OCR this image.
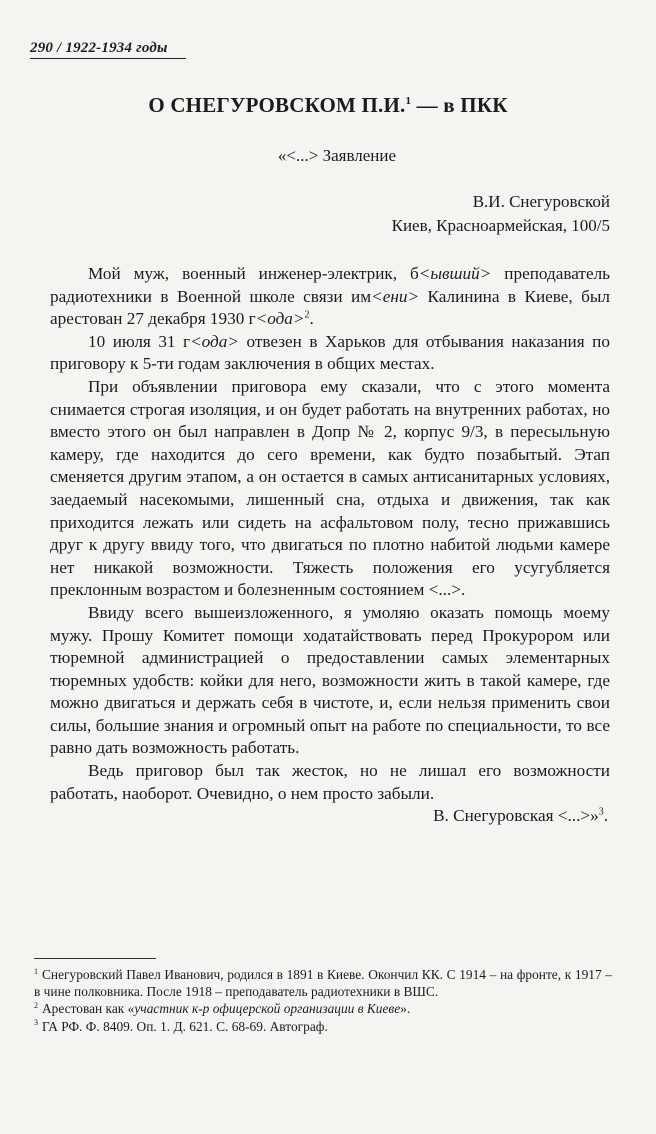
290 / 1922-1934 годы
О СНЕГУРОВСКОМ П.И.$^1$ — в ПКК
«<...> Заявление
В.И. Снегуровской
Киев, Красноармейская, 100/5

Мой муж, военный инженер-электрик, б<ывший> преподаватель радиотехники в Военной школе связи им<ени> Калинина в Киеве, был арестован 27 декабря 1930 г<ода>$^2$.

10 июля 31 г<ода> отвезен в Харьков для отбывания наказания по приговору к 5-ти годам заключения в общих местах.

При объявлении приговора ему сказали, что с этого момента снимается строгая изоляция, и он будет работать на внутренних работах, но вместо этого он был направлен в Допр № 2, корпус 9/3, в пересыльную камеру, где находится до сего времени, как будто позабытый. Этап сменяется другим этапом, а он остается в самых антисанитарных условиях, заедаемый насекомыми, лишенный сна, отдыха и движения, так как приходится лежать или сидеть на асфальтовом полу, тесно прижавшись друг к другу ввиду того, что двигаться по плотно набитой людьми камере нет никакой возможности. Тяжесть положения его усугубляется преклонным возрастом и болезненным состоянием <...>.

Ввиду всего вышеизложенного, я умоляю оказать помощь моему мужу. Прошу Комитет помощи ходатайствовать перед Прокурором или тюремной администрацией о предоставлении самых элементарных тюремных удобств: койки для него, возможности жить в такой камере, где можно двигаться и держать себя в чистоте, и, если нельзя применить свои силы, большие знания и огромный опыт на работе по специальности, то все равно дать возможность работать.

Ведь приговор был так жесток, но не лишал его возможности работать, наоборот. Очевидно, о нем просто забыли.

В. Снегуровская <...>»$^3$.

$^1$ Снегуровский Павел Иванович, родился в 1891 в Киеве. Окончил КК. С 1914 – на фронте, к 1917 – в чине полковника. После 1918 – преподаватель радиотехники в ВШС.

$^2$ Арестован как «участник к-р офицерской организации в Киеве».

$^3$ ГА РФ. Ф. 8409. Оп. 1. Д. 621. С. 68-69. Автограф.
